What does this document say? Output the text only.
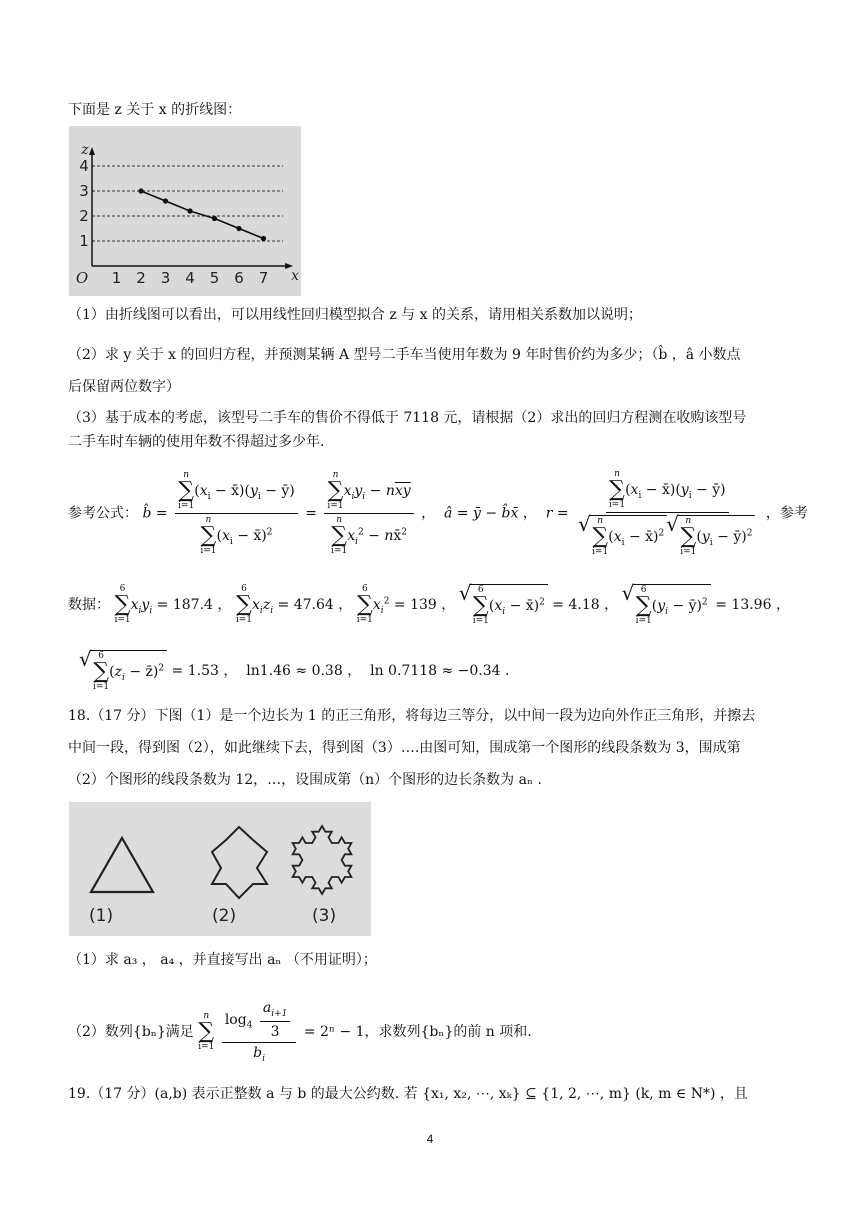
下面是 z 关于 x 的折线图：
1 2 3 4 5 6 7
1
2
3
4
O	x
z
（1）由折线图可以看出，可以用线性回归模型拟合 z 与 x 的关系，请用相关系数加以说明；
（2）求 y 关于 x 的回归方程，并预测某辆 A 型号二手车当使用年数为 9 年时售价约为多少；（b̂ ，â 小数点
后保留两位数字）
（3）基于成本的考虑，该型号二手车的售价不得低于 7118 元，请根据（2）求出的回归方程测在收购该型号
二手车时车辆的使用年数不得超过多少年.
参考公式： b̂ = n
∑
i=1
($x_i$ − $x̄)(y_i$ − ȳ)
n
∑
i=1
($x_i$ − x̄)$^2$ = n
∑
i=1
$x_iy_i - n\overline{xy}$
n
∑
i=1
$x_i^2$ − nx̄$^2$ ，  â = ȳ − b̂x̄ ，  r = n
∑
i=1
($x_i$ − $x̄)(y_i$ − ȳ)
√ n
∑
i=1
($x_i$ − x̄)$^2$
√ n
∑
i=1
($y_i$ − ȳ)$^2$ ，参考
数据：
6
∑
i=1
$x_iy_i = 187.4$ ，
6
∑
i=1
$x_iz_i = 47.64$ ，
6
∑
i=1
$x_i^2 = 139$ ，
√ 6
∑
i=1
($x_i$ − x̄)$^2$ = 4.18 ，
√ 6
∑
i=1
($y_i$ − ȳ)$^2$ = 13.96 ，
√ 6
∑
i=1
($z_i$ − z̄)$^2$ = 1.53 ，  ln1.46 ≈ 0.38 ，  ln 0.7118 ≈ −0.34 .
18.（17 分）下图（1）是一个边长为 1 的正三角形，将每边三等分，以中间一段为边向外作正三角形，并擦去
中间一段，得到图（2），如此继续下去，得到图（3）….由图可知，围成第一个图形的线段条数为 3，围成第
（2）个图形的线段条数为 12，…，设围成第（n）个图形的边长条数为 aₙ .
(1)	(2)	(3)
（1）求 a₃ ， a₄ ，并直接写出 aₙ （不用证明）；
（2）数列{bₙ}满足
n
∑
i=1
$\frac{\log_4 \frac{a_{i+1}}{3}}{b_i} = 2^n - 1$，求数列{bₙ}的前 n 项和.
19.（17 分）(a,b) 表示正整数 a 与 b 的最大公约数. 若 {x₁, x₂, ⋯, xₖ} ⊆ {1, 2, ⋯, m} (k, m ∈ N*) ，且
4
